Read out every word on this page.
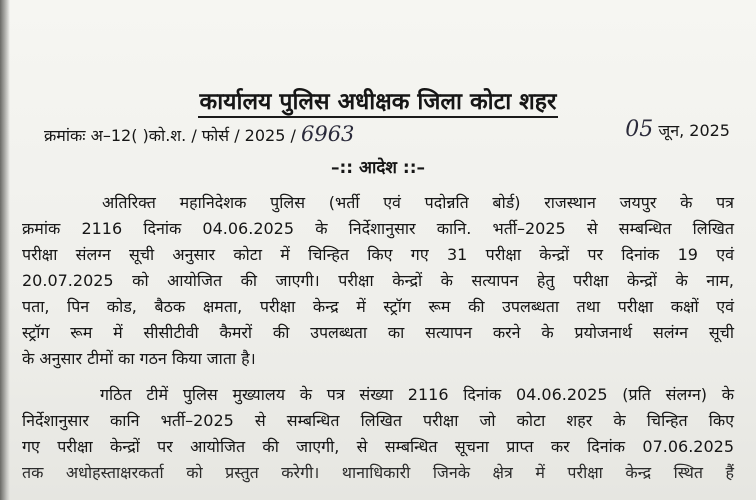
कार्यालय पुलिस अधीक्षक जिला कोटा शहर
क्रमांकः अ–12( )को.श. / फोर्स / 2025 / 6963	05 जून, 2025
–:: आदेश ::–
अतिरिक्त महानिदेशक पुलिस (भर्ती एवं पदोन्नति बोर्ड) राजस्थान जयपुर के पत्र
क्रमांक 2116 दिनांक 04.06.2025 के निर्देशानुसार कानि. भर्ती–2025 से सम्बन्धित लिखित
परीक्षा संलग्न सूची अनुसार कोटा में चिन्हित किए गए 31 परीक्षा केन्द्रों पर दिनांक 19 एवं
20.07.2025 को आयोजित की जाएगी। परीक्षा केन्द्रों के सत्यापन हेतु परीक्षा केन्द्रों के नाम,
पता, पिन कोड, बैठक क्षमता, परीक्षा केन्द्र में स्ट्रॉग रूम की उपलब्धता तथा परीक्षा कक्षों एवं
स्ट्रॉग रूम में सीसीटीवी कैमरों की उपलब्धता का सत्यापन करने के प्रयोजनार्थ सलंग्न सूची
के अनुसार टीमों का गठन किया जाता है।
गठित टीमें पुलिस मुख्यालय के पत्र संख्या 2116 दिनांक 04.06.2025 (प्रति संलग्न) के
निर्देशानुसार कानि भर्ती–2025 से सम्बन्धित लिखित परीक्षा जो कोटा शहर के चिन्हित किए
गए परीक्षा केन्द्रों पर आयोजित की जाएगी, से सम्बन्धित सूचना प्राप्त कर दिनांक 07.06.2025
तक अधोहस्ताक्षरकर्ता को प्रस्तुत करेगी। थानाधिकारी जिनके क्षेत्र में परीक्षा केन्द्र स्थित हैं
